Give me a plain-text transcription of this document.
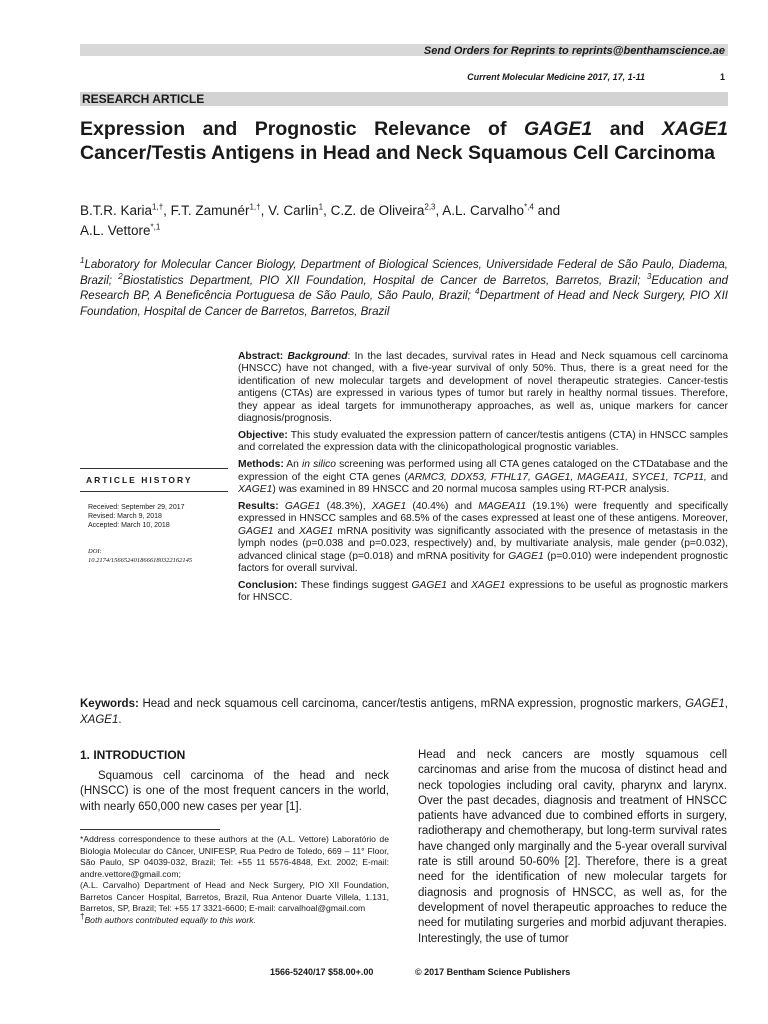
Send Orders for Reprints to reprints@benthamscience.ae
Current Molecular Medicine 2017, 17, 1-11	1
RESEARCH ARTICLE
Expression and Prognostic Relevance of GAGE1 and XAGE1 Cancer/Testis Antigens in Head and Neck Squamous Cell Carcinoma
B.T.R. Karia$^{1,\dagger}$, F.T. Zamunér$^{1,\dagger}$, V. Carlin$^1$, C.Z. de Oliveira$^{2,3}$, A.L. Carvalho$^{*,4}$ and
A.L. Vettore$^{*,1}$
$^1$Laboratory for Molecular Cancer Biology, Department of Biological Sciences, Universidade Federal de São Paulo, Diadema, Brazil; $^2$Biostatistics Department, PIO XII Foundation, Hospital de Cancer de Barretos, Barretos, Brazil; $^3$Education and Research BP, A Beneficência Portuguesa de São Paulo, São Paulo, Brazil; $^4$Department of Head and Neck Surgery, PIO XII Foundation, Hospital de Cancer de Barretos, Barretos, Brazil

Abstract: Background: In the last decades, survival rates in Head and Neck squamous cell carcinoma (HNSCC) have not changed, with a five-year survival of only 50%. Thus, there is a great need for the identification of new molecular targets and development of novel therapeutic strategies. Cancer-testis antigens (CTAs) are expressed in various types of tumor but rarely in healthy normal tissues. Therefore, they appear as ideal targets for immunotherapy approaches, as well as, unique markers for cancer diagnosis/prognosis.

Objective: This study evaluated the expression pattern of cancer/testis antigens (CTA) in HNSCC samples and correlated the expression data with the clinicopathological prognostic variables.

Methods: An in silico screening was performed using all CTA genes cataloged on the CTDatabase and the expression of the eight CTA genes (ARMC3, DDX53, FTHL17, GAGE1, MAGEA11, SYCE1, TCP11, and XAGE1) was examined in 89 HNSCC and 20 normal mucosa samples using RT-PCR analysis.

Results: GAGE1 (48.3%), XAGE1 (40.4%) and MAGEA11 (19.1%) were frequently and specifically expressed in HNSCC samples and 68.5% of the cases expressed at least one of these antigens. Moreover, GAGE1 and XAGE1 mRNA positivity was significantly associated with the presence of metastasis in the lymph nodes (p=0.038 and p=0.023, respectively) and, by multivariate analysis, male gender (p=0.032), advanced clinical stage (p=0.018) and mRNA positivity for GAGE1 (p=0.010) were independent prognostic factors for overall survival.

Conclusion: These findings suggest GAGE1 and XAGE1 expressions to be useful as prognostic markers for HNSCC.

ARTICLE HISTORY
Received: September 29, 2017
Revised: March 9, 2018
Accepted: March 10, 2018
DOI:
10.2174/1566524018666180322162145
Keywords: Head and neck squamous cell carcinoma, cancer/testis antigens, mRNA expression, prognostic markers, GAGE1, XAGE1.
1. INTRODUCTION
Squamous cell carcinoma of the head and neck (HNSCC) is one of the most frequent cancers in the world, with nearly 650,000 new cases per year [1].
Head and neck cancers are mostly squamous cell carcinomas and arise from the mucosa of distinct head and neck topologies including oral cavity, pharynx and larynx. Over the past decades, diagnosis and treatment of HNSCC patients have advanced due to combined efforts in surgery, radiotherapy and chemotherapy, but long-term survival rates have changed only marginally and the 5-year overall survival rate is still around 50-60% [2]. Therefore, there is a great need for the identification of new molecular targets for diagnosis and prognosis of HNSCC, as well as, for the development of novel therapeutic approaches to reduce the need for mutilating surgeries and morbid adjuvant therapies. Interestingly, the use of tumor

*Address correspondence to these authors at the (A.L. Vettore) Laboratório de Biologia Molecular do Câncer, UNIFESP, Rua Pedro de Toledo, 669 – 11° Floor, São Paulo, SP 04039-032, Brazil; Tel: +55 11 5576-4848, Ext. 2002; E-mail: andre.vettore@gmail.com;

(A.L. Carvalho) Department of Head and Neck Surgery, PIO XII Foundation, Barretos Cancer Hospital, Barretos, Brazil, Rua Antenor Duarte Villela, 1.131, Barretos, SP, Brazil; Tel: +55 17 3321-6600; E-mail: carvalhoal@gmail.com

†Both authors contributed equally to this work.

1566-5240/17 $58.00+.00	© 2017 Bentham Science Publishers
